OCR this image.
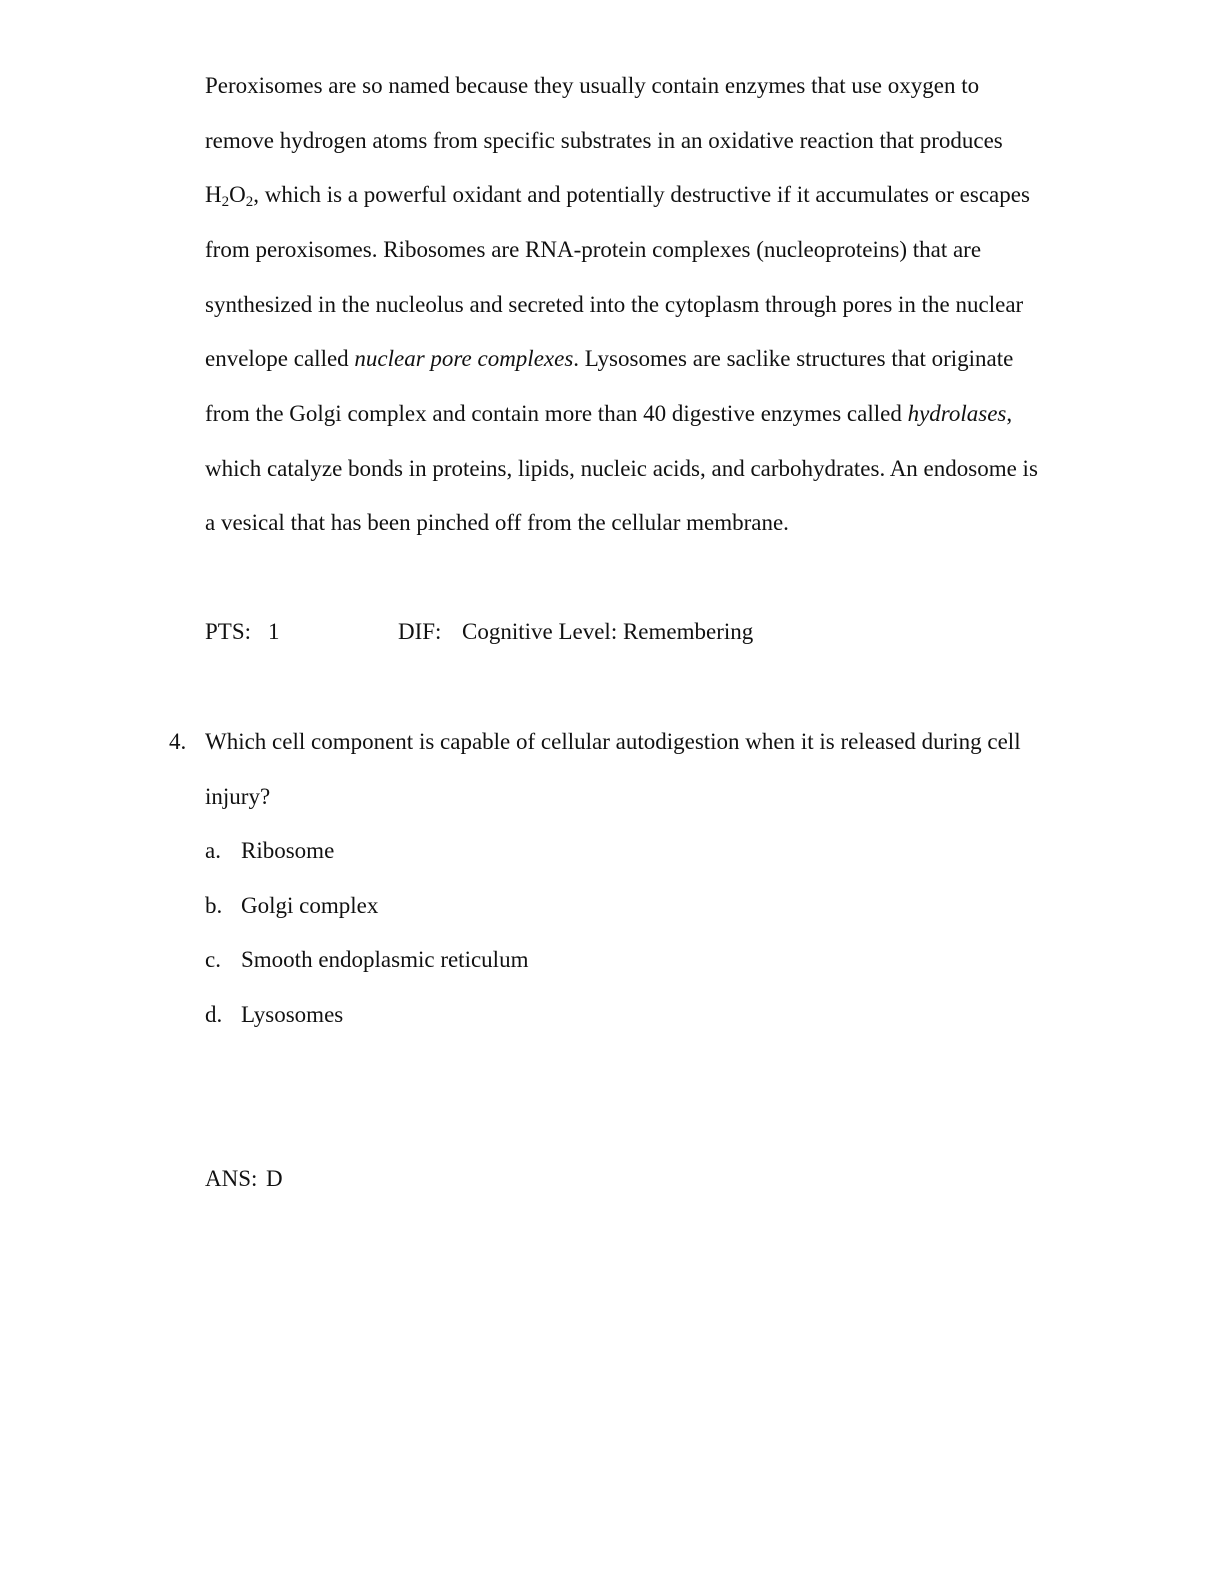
Peroxisomes are so named because they usually contain enzymes that use oxygen to
remove hydrogen atoms from specific substrates in an oxidative reaction that produces
$H_2O_2$, which is a powerful oxidant and potentially destructive if it accumulates or escapes
from peroxisomes. Ribosomes are RNA-protein complexes (nucleoproteins) that are
synthesized in the nucleolus and secreted into the cytoplasm through pores in the nuclear
envelope called nuclear pore complexes. Lysosomes are saclike structures that originate
from the Golgi complex and contain more than 40 digestive enzymes called hydrolases,
which catalyze bonds in proteins, lipids, nucleic acids, and carbohydrates. An endosome is
a vesical that has been pinched off from the cellular membrane.
PTS: 1	DIF: Cognitive Level: Remembering
4. Which cell component is capable of cellular autodigestion when it is released during cell
injury?
a. Ribosome
b. Golgi complex
c. Smooth endoplasmic reticulum
d. Lysosomes
ANS: D
